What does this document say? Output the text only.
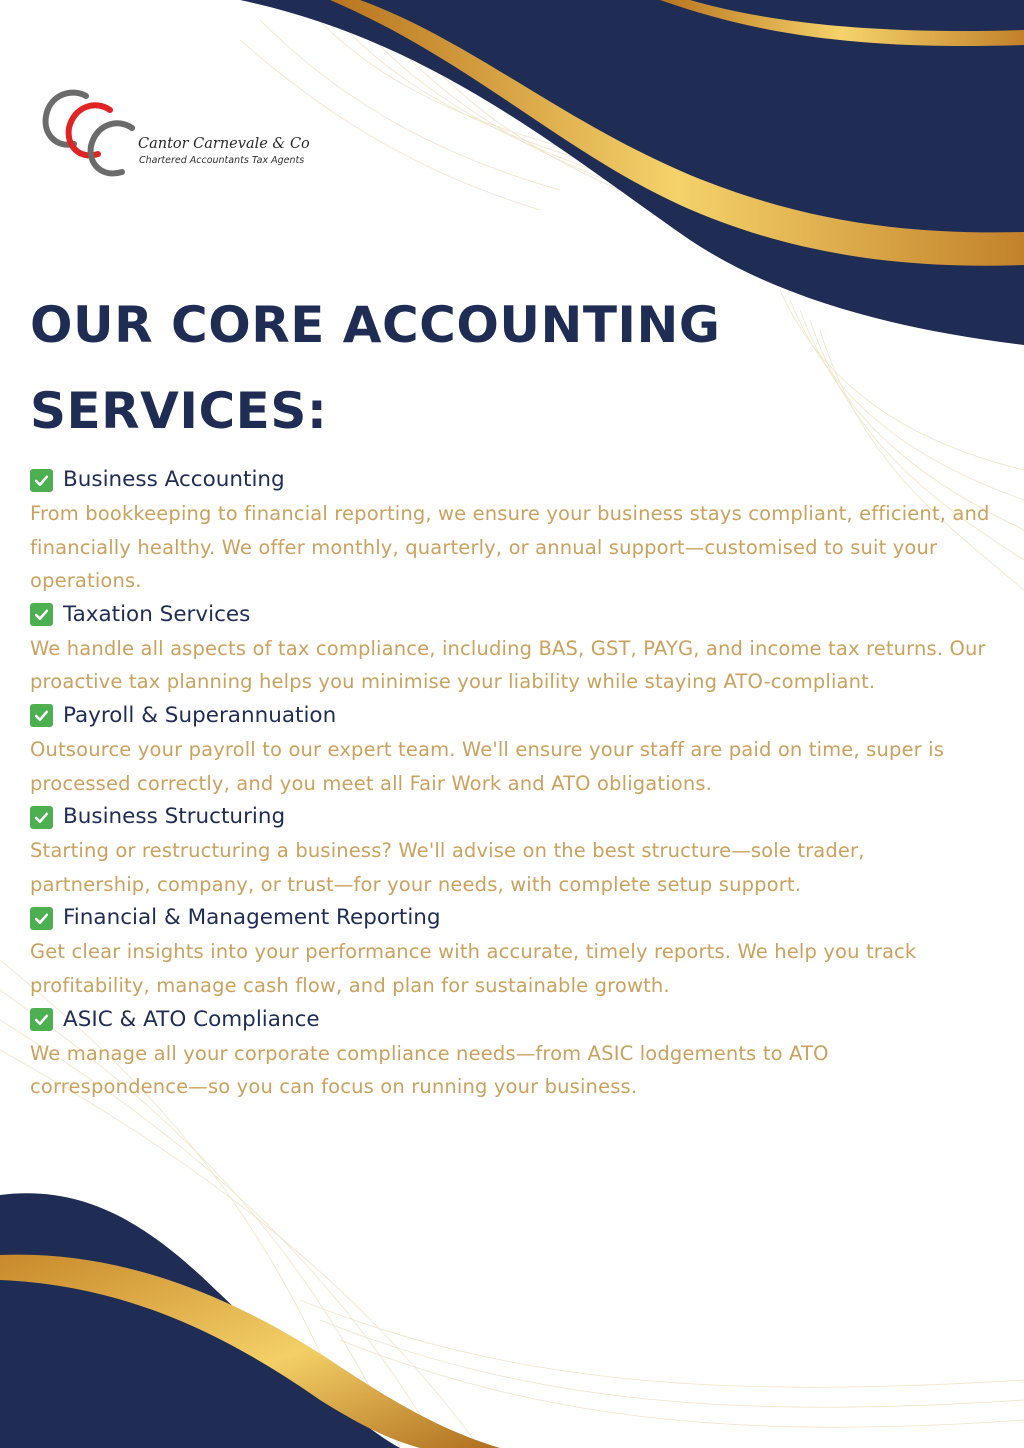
Cantor Carnevale & Co
Chartered Accountants Tax Agents
OUR CORE ACCOUNTING SERVICES:
Business Accounting

From bookkeeping to financial reporting, we ensure your business stays compliant, efficient, and financially healthy. We offer monthly, quarterly, or annual support—customised to suit your operations.

Taxation Services

We handle all aspects of tax compliance, including BAS, GST, PAYG, and income tax returns. Our proactive tax planning helps you minimise your liability while staying ATO-compliant.

Payroll & Superannuation

Outsource your payroll to our expert team. We'll ensure your staff are paid on time, super is processed correctly, and you meet all Fair Work and ATO obligations.

Business Structuring

Starting or restructuring a business? We'll advise on the best structure—sole trader, partnership, company, or trust—for your needs, with complete setup support.

Financial & Management Reporting

Get clear insights into your performance with accurate, timely reports. We help you track profitability, manage cash flow, and plan for sustainable growth.

ASIC & ATO Compliance

We manage all your corporate compliance needs—from ASIC lodgements to ATO correspondence—so you can focus on running your business.
